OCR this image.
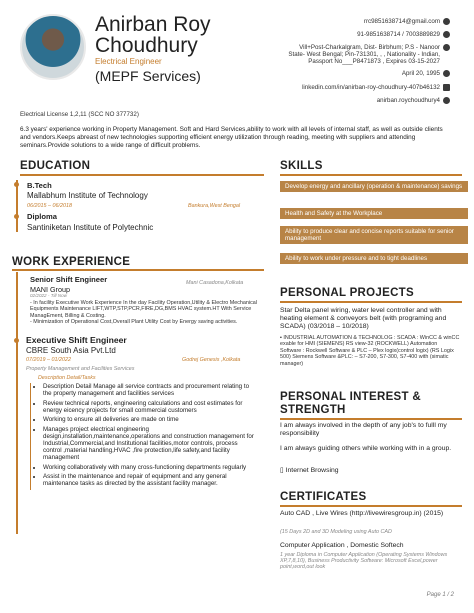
Anirban Roy
Choudhury
Electrical Engineer
(MEPF Services)
rrc9851638714@gmail.com
91-9851638714 / 7003889829
Vill+Post-Charkalgram, Dist- Birbhum; P.S - Nanoor
State- West Bengal; Pin-731301, , , Nationality - Indian,
Passport No___P8471873 , Expires 03-15-2027
April 20, 1995
linkedin.com/in/anirban-roy-choudhury-407b46132
anirban.roychoudhury4
Electrical License 1,2,11 (SCC NO 377732)
6.3 years' experience working in Property Management. Soft and Hard Services,ability to work with all levels of internal staff, as well as outside clients and vendors.Keeps abreast of new technologies supporting efficient energy utilization through reading, meeting with suppliers and attending seminars.Provide solutions to a wide range of difficult problems.
EDUCATION
B.Tech
Mallabhum Institute of Technology
06/2015 – 06/2018	Bankura,West Bengal
Diploma
Santiniketan Institute of Polytechnic
WORK EXPERIENCE
Senior Shift Engineer
MANI Group
02/2022 - Till Now
Mani Casadona,Kolkata
- In facility Executive Work Experience In the day Facility Operation,Utility & Electro Mechanical Equipments Maintenance LIFT,WTP,STP,PCR,FIRE,DG,BMS HVAC system.HT With Service ManagEment, Billing & Costing.
- Minimization of Operational Cost,Overall Plant Utility Cost by Energy saving activities.
Executive Shift Engineer
CBRE South Asia Pvt.Ltd
07/2019 – 01/2022	Godrej Genesis ,Kolkata
Property Management and Facilities Services
Description Detail/Tasks
• Description Detail Manage all service contracts and procurement relating to the property management and facilities services
• Review technical reports, engineering calculations and cost estimates for energy eicency projects for small commercial customers
• Working to ensure all deliveries are made on time
• Manages project electrical engineering design,installation,maintenance,operations and construction management for Industrial,Commercial,and Institutional facilities,motor controls, process control ,material handling,HVAC ,fire protection,life safety,and facility management
• Working collaboratively with many cross-functioning departments regularly
• Assist in the maintenance and repair of equipment and any general maintenance tasks as directed by the assistant facility manager.
SKILLS
Develop energy and ancillary (operation & maintenance) savings
Health and Safety at the Workplace
Ability to produce clear and concise reports suitable for senior management
Ability to work under pressure and to tight deadlines
PERSONAL PROJECTS
Star Delta panel wiring, water level controller and with heating element & conveyors belt (with programing and SCADA) (03/2018 – 10/2018)
▪ INDUSTRIAL AUTOMATION & TECHNOLOG : SCADA : WinCC & winCC exable for HMI (SIEMENS) RS view-32 (ROCKWELL) Automation Software : Rockwell Software & PLC – Plex logix(control logix) (RS Logix 500) Siemens Software &PLC: – S7-200, S7-300, S7-400 with (simatic manager)
PERSONAL INTEREST &
STRENGTH
I am always involved in the depth of any job's to fulll my responsibility
I am always guiding others while working with in a group.
▯ Internet Browsing
CERTIFICATES
Auto CAD , Live Wires (http://livewiresgroup.in) (2015)
(15 Days 2D and 3D Modeling using Auto CAD
Computer Application , Domestic Softech
1 year Diploma in Computer Application (Operating Systems Windows XP,7,8,10), Business Productivity Software: Microsoft Excel,power point,word,out look
Page 1 / 2
